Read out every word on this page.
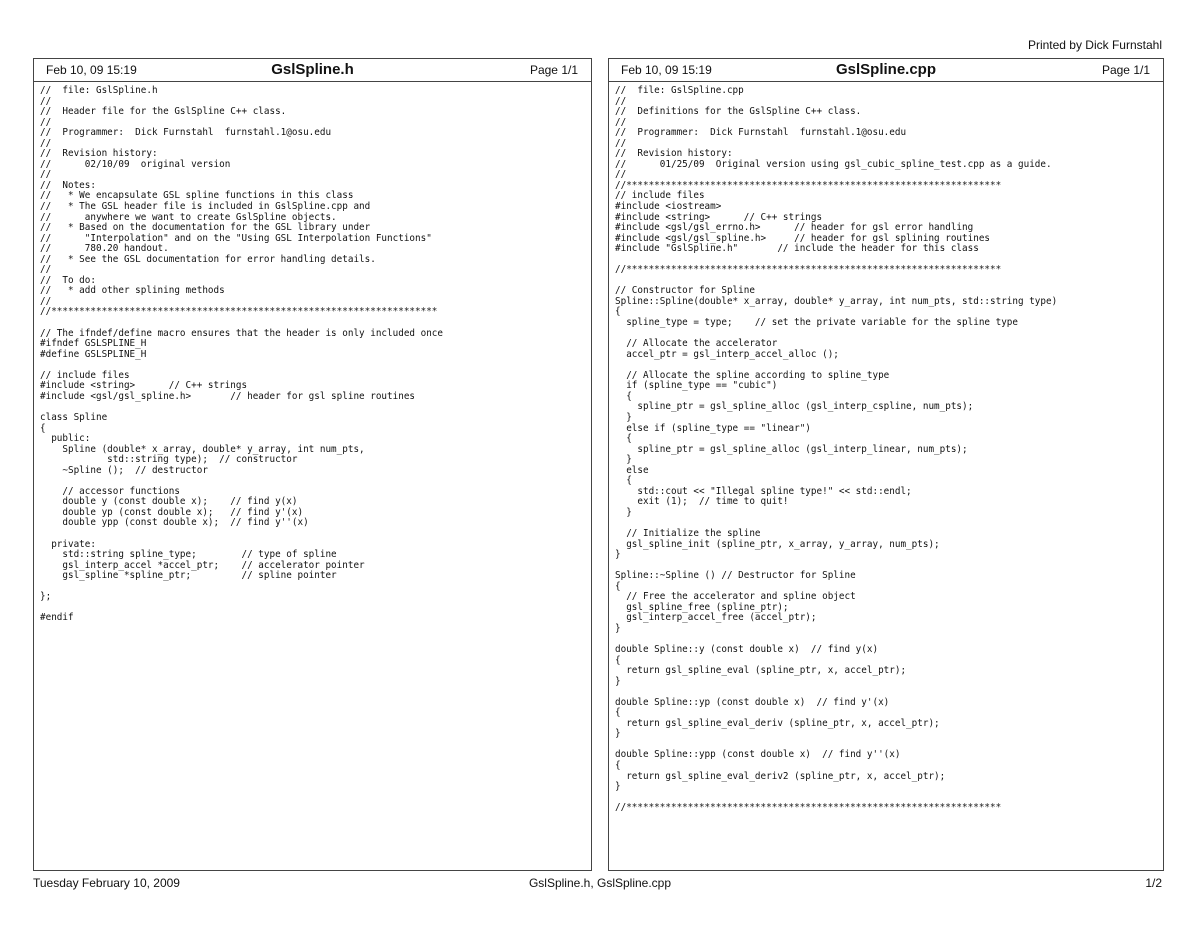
Printed by Dick Furnstahl
Feb 10, 09 15:19	GslSpline.h	Page 1/1
//  file: GslSpline.h
//
//  Header file for the GslSpline C++ class.
//
//  Programmer:  Dick Furnstahl  furnstahl.1@osu.edu
//
//  Revision history:
//      02/10/09  original version
//
//  Notes:
//   * We encapsulate GSL spline functions in this class
//   * The GSL header file is included in GslSpline.cpp and
//      anywhere we want to create GslSpline objects.
//   * Based on the documentation for the GSL library under
//      "Interpolation" and on the "Using GSL Interpolation Functions"
//      780.20 handout.
//   * See the GSL documentation for error handling details.
//
//  To do:
//   * add other splining methods
//
//*********************************************************************
// The ifndef/define macro ensures that the header is only included once
#ifndef GSLSPLINE_H
#define GSLSPLINE_H
// include files
#include <string>      // C++ strings
#include <gsl/gsl_spline.h>       // header for gsl spline routines
class Spline
{
public:
Spline (double* x_array, double* y_array, int num_pts,
std::string type);  // constructor
~Spline ();  // destructor
// accessor functions
double y (const double x);    // find y(x)
double yp (const double x);   // find y'(x)
double ypp (const double x);  // find y''(x)
private:
std::string spline_type;        // type of spline
gsl_interp_accel *accel_ptr;    // accelerator pointer
gsl_spline *spline_ptr;         // spline pointer
};
#endif
Feb 10, 09 15:19	GslSpline.cpp	Page 1/1
//  file: GslSpline.cpp
//
//  Definitions for the GslSpline C++ class.
//
//  Programmer:  Dick Furnstahl  furnstahl.1@osu.edu
//
//  Revision history:
//      01/25/09  Original version using gsl_cubic_spline_test.cpp as a guide.
//
//*******************************************************************
// include files
#include <iostream>
#include <string>      // C++ strings
#include <gsl/gsl_errno.h>      // header for gsl error handling
#include <gsl/gsl_spline.h>     // header for gsl splining routines
#include "GslSpline.h"       // include the header for this class
//*******************************************************************
// Constructor for Spline
Spline::Spline(double* x_array, double* y_array, int num_pts, std::string type)
{
spline_type = type;    // set the private variable for the spline type
// Allocate the accelerator
accel_ptr = gsl_interp_accel_alloc ();
// Allocate the spline according to spline_type
if (spline_type == "cubic")
{
spline_ptr = gsl_spline_alloc (gsl_interp_cspline, num_pts);
}
else if (spline_type == "linear")
{
spline_ptr = gsl_spline_alloc (gsl_interp_linear, num_pts);
}
else
{
std::cout << "Illegal spline type!" << std::endl;
exit (1);  // time to quit!
}
// Initialize the spline
gsl_spline_init (spline_ptr, x_array, y_array, num_pts);
}
Spline::~Spline () // Destructor for Spline
{
// Free the accelerator and spline object
gsl_spline_free (spline_ptr);
gsl_interp_accel_free (accel_ptr);
}
double Spline::y (const double x)  // find y(x)
{
return gsl_spline_eval (spline_ptr, x, accel_ptr);
}
double Spline::yp (const double x)  // find y'(x)
{
return gsl_spline_eval_deriv (spline_ptr, x, accel_ptr);
}
double Spline::ypp (const double x)  // find y''(x)
{
return gsl_spline_eval_deriv2 (spline_ptr, x, accel_ptr);
}
//*******************************************************************
Tuesday February 10, 2009	GslSpline.h, GslSpline.cpp	1/2
